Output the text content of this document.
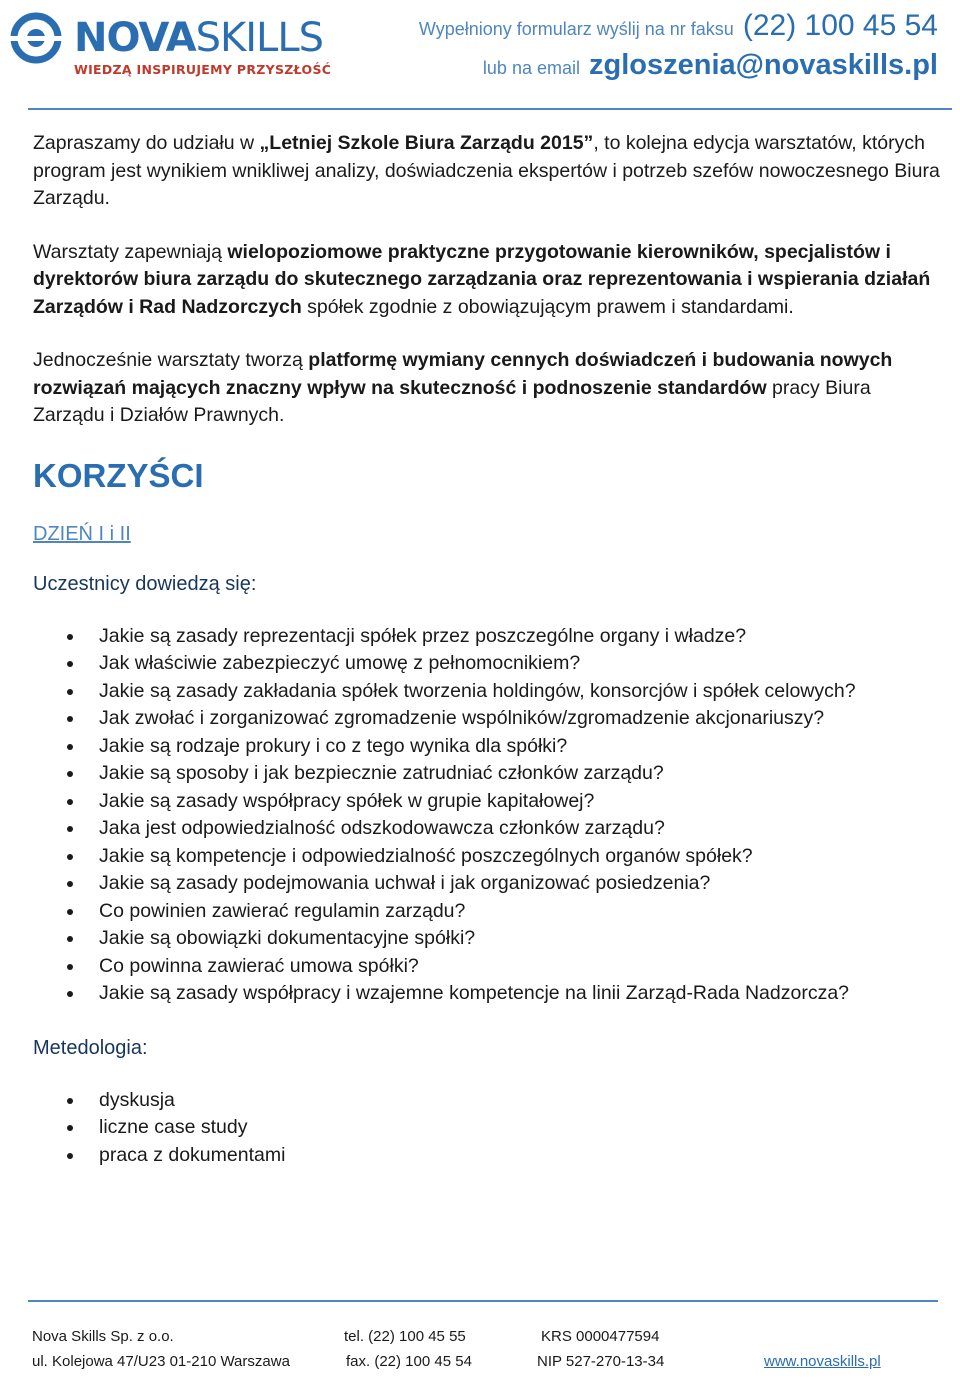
NOVASKILLS
WIEDZĄ INSPIRUJEMY PRZYSZŁOŚĆ
Wypełniony formularz wyślij na nr faksu (22) 100 45 54
lub na email zgloszenia@novaskills.pl

Zapraszamy do udziału w „Letniej Szkole Biura Zarządu 2015”, to kolejna edycja warsztatów, których program jest wynikiem wnikliwej analizy, doświadczenia ekspertów i potrzeb szefów nowoczesnego Biura Zarządu.

Warsztaty zapewniają wielopoziomowe praktyczne przygotowanie kierowników, specjalistów i dyrektorów biura zarządu do skutecznego zarządzania oraz reprezentowania i wspierania działań Zarządów i Rad Nadzorczych spółek zgodnie z obowiązującym prawem i standardami.

Jednocześnie warsztaty tworzą platformę wymiany cennych doświadczeń i budowania nowych rozwiązań mających znaczny wpływ na skuteczność i podnoszenie standardów pracy Biura Zarządu i Działów Prawnych.

KORZYŚCI
DZIEŃ I i II
Uczestnicy dowiedzą się:
Jakie są zasady reprezentacji spółek przez poszczególne organy i władze?
Jak właściwie zabezpieczyć umowę z pełnomocnikiem?
Jakie są zasady zakładania spółek tworzenia holdingów, konsorcjów i spółek celowych?
Jak zwołać i zorganizować zgromadzenie wspólników/zgromadzenie akcjonariuszy?
Jakie są rodzaje prokury i co z tego wynika dla spółki?
Jakie są sposoby i jak bezpiecznie zatrudniać członków zarządu?
Jakie są zasady współpracy spółek w grupie kapitałowej?
Jaka jest odpowiedzialność odszkodowawcza członków zarządu?
Jakie są kompetencje i odpowiedzialność poszczególnych organów spółek?
Jakie są zasady podejmowania uchwał i jak organizować posiedzenia?
Co powinien zawierać regulamin zarządu?
Jakie są obowiązki dokumentacyjne spółki?
Co powinna zawierać umowa spółki?
Jakie są zasady współpracy i wzajemne kompetencje na linii Zarząd-Rada Nadzorcza?
Metedologia:
dyskusja
liczne case study
praca z dokumentami
Nova Skills Sp. z o.o.	tel. (22) 100 45 55	KRS 0000477594
ul. Kolejowa 47/U23 01-210 Warszawa	fax. (22) 100 45 54	NIP 527-270-13-34	www.novaskills.pl
